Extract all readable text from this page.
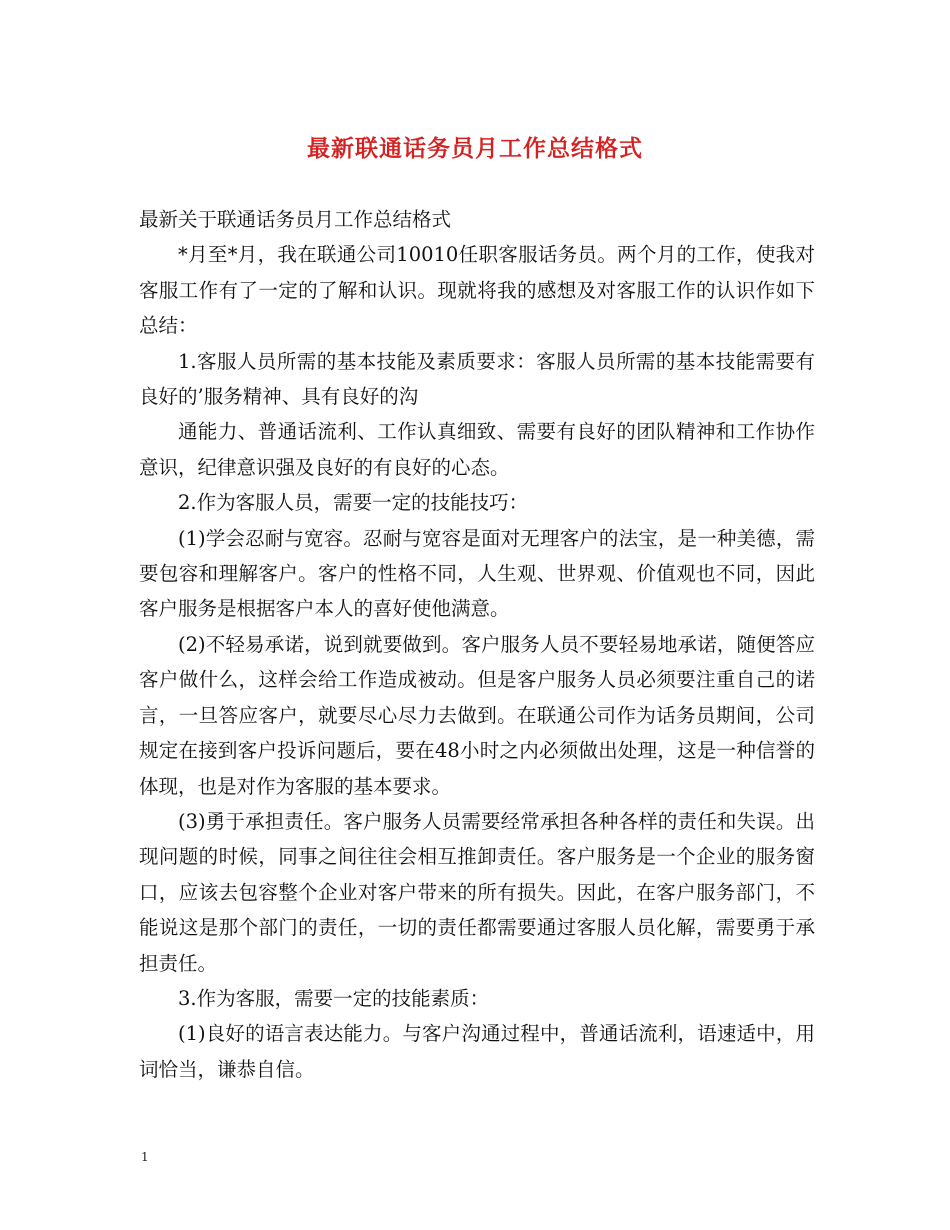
最新联通话务员月工作总结格式

最新关于联通话务员月工作总结格式

*月至*月，我在联通公司10010任职客服话务员。两个月的工作，使我对客服工作有了一定的了解和认识。现就将我的感想及对客服工作的认识作如下总结：

1.客服人员所需的基本技能及素质要求：客服人员所需的基本技能需要有良好的’服务精神、具有良好的沟

通能力、普通话流利、工作认真细致、需要有良好的团队精神和工作协作意识，纪律意识强及良好的有良好的心态。

2.作为客服人员，需要一定的技能技巧：

(1)学会忍耐与宽容。忍耐与宽容是面对无理客户的法宝，是一种美德，需要包容和理解客户。客户的性格不同，人生观、世界观、价值观也不同，因此客户服务是根据客户本人的喜好使他满意。

(2)不轻易承诺，说到就要做到。客户服务人员不要轻易地承诺，随便答应客户做什么，这样会给工作造成被动。但是客户服务人员必须要注重自己的诺言，一旦答应客户，就要尽心尽力去做到。在联通公司作为话务员期间，公司规定在接到客户投诉问题后，要在48小时之内必须做出处理，这是一种信誉的体现，也是对作为客服的基本要求。

(3)勇于承担责任。客户服务人员需要经常承担各种各样的责任和失误。出现问题的时候，同事之间往往会相互推卸责任。客户服务是一个企业的服务窗口，应该去包容整个企业对客户带来的所有损失。因此，在客户服务部门，不能说这是那个部门的责任，一切的责任都需要通过客服人员化解，需要勇于承担责任。

3.作为客服，需要一定的技能素质：

(1)良好的语言表达能力。与客户沟通过程中，普通话流利，语速适中，用词恰当，谦恭自信。

1
